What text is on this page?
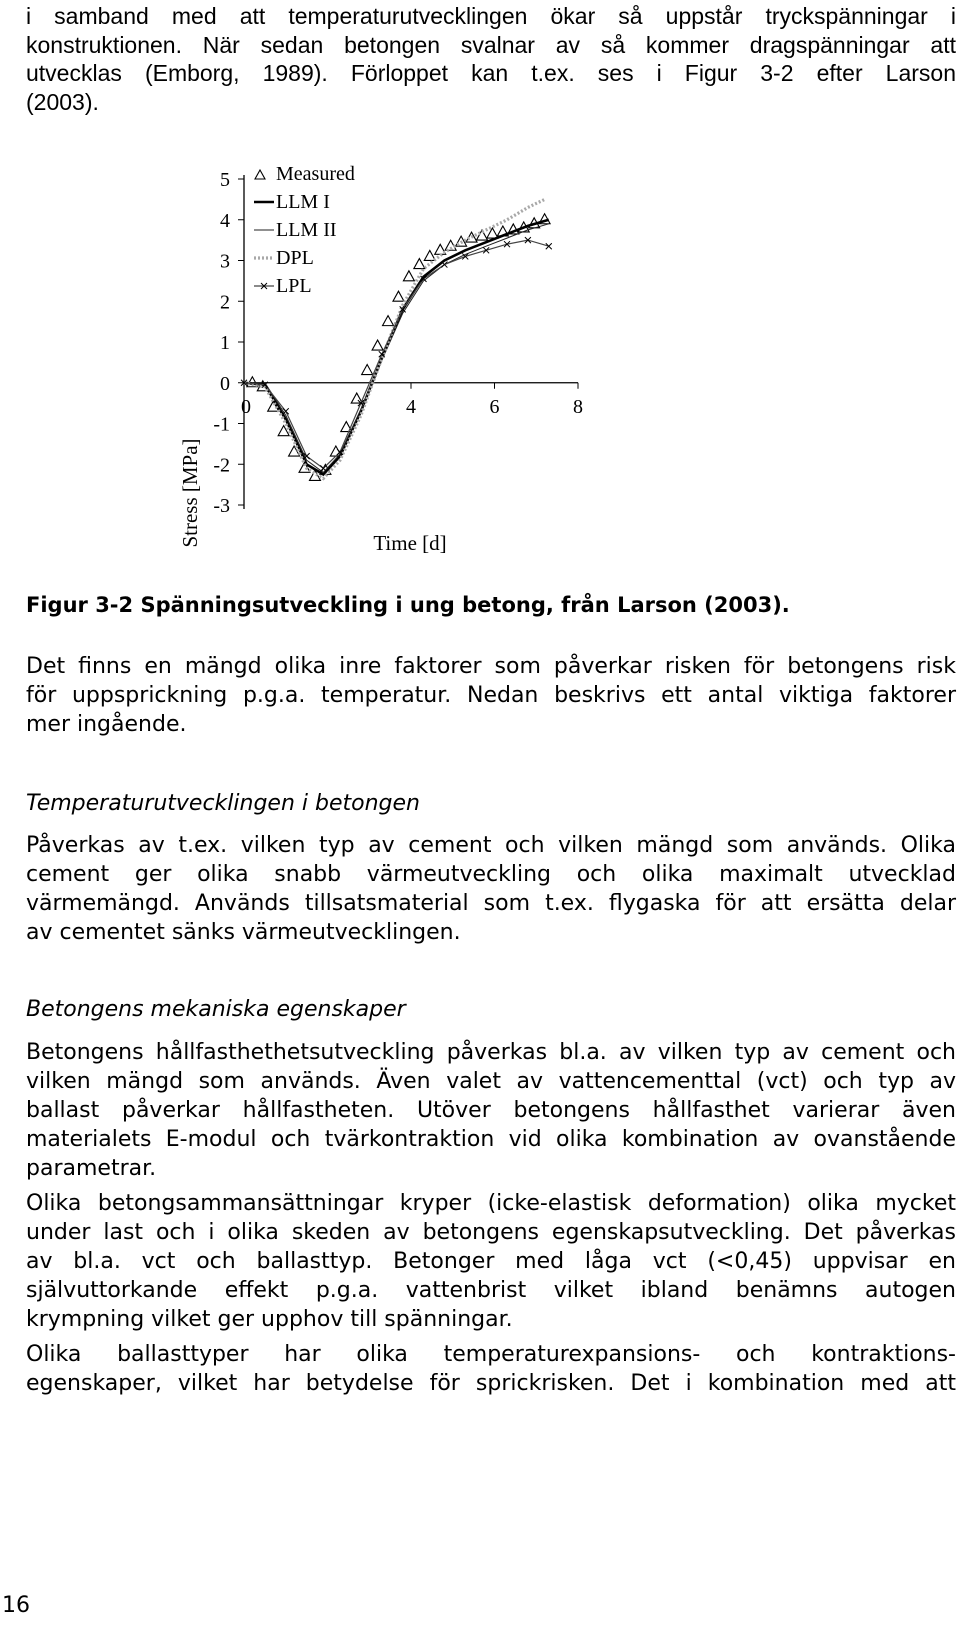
i samband med att temperaturutvecklingen ökar så uppstår tryckspänningar i
konstruktionen. När sedan betongen svalnar av så kommer dragspänningar att
utvecklas (Emborg, 1989). Förloppet kan t.ex. ses i Figur 3-2 efter Larson
(2003).
5
4
3
2
1
0
-1
-2
-3
0	4	6	8
Measured
LLM I
LLM II
DPL
LPL
Time [d]
Stress [MPa]

Figur 3-2 Spänningsutveckling i ung betong, från Larson (2003).

Det finns en mängd olika inre faktorer som påverkar risken för betongens risk
för uppsprickning p.g.a. temperatur. Nedan beskrivs ett antal viktiga faktorer
mer ingående.

Temperaturutvecklingen i betongen

Påverkas av t.ex. vilken typ av cement och vilken mängd som används. Olika
cement ger olika snabb värmeutveckling och olika maximalt utvecklad
värmemängd. Används tillsatsmaterial som t.ex. flygaska för att ersätta delar
av cementet sänks värmeutvecklingen.

Betongens mekaniska egenskaper

Betongens hållfasthethetsutveckling påverkas bl.a. av vilken typ av cement och
vilken mängd som används. Även valet av vattencementtal (vct) och typ av
ballast påverkar hållfastheten. Utöver betongens hållfasthet varierar även
materialets E-modul och tvärkontraktion vid olika kombination av ovanstående
parametrar.
Olika betongsammansättningar kryper (icke-elastisk deformation) olika mycket
under last och i olika skeden av betongens egenskapsutveckling. Det påverkas
av bl.a. vct och ballasttyp. Betonger med låga vct (<0,45) uppvisar en
självuttorkande effekt p.g.a. vattenbrist vilket ibland benämns autogen
krympning vilket ger upphov till spänningar.
Olika ballasttyper har olika temperaturexpansions- och kontraktions-
egenskaper, vilket har betydelse för sprickrisken. Det i kombination med att
16
